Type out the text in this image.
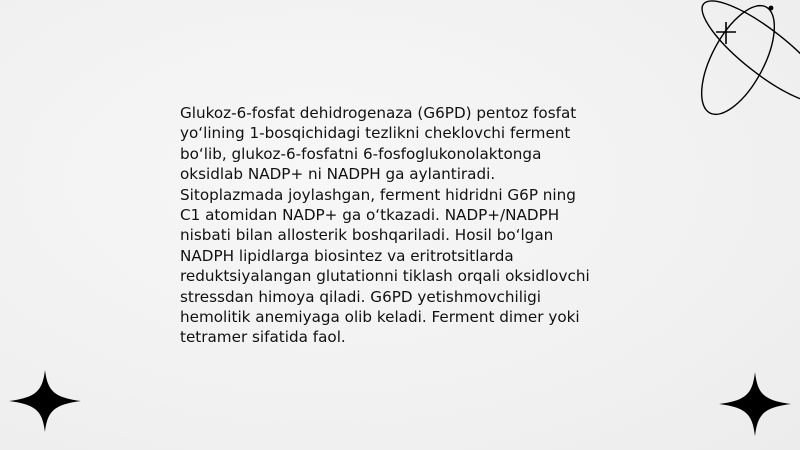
Glukoz-6-fosfat dehidrogenaza (G6PD) pentoz fosfat
yo‘lining 1-bosqichidagi tezlikni cheklovchi ferment
bo‘lib, glukoz-6-fosfatni 6-fosfoglukonolaktonga
oksidlab NADP+ ni NADPH ga aylantiradi.
Sitoplazmada joylashgan, ferment hidridni G6P ning
C1 atomidan NADP+ ga o‘tkazadi. NADP+/NADPH
nisbati bilan allosterik boshqariladi. Hosil bo‘lgan
NADPH lipidlarga biosintez va eritrotsitlarda
reduktsiyalangan glutationni tiklash orqali oksidlovchi
stressdan himoya qiladi. G6PD yetishmovchiligi
hemolitik anemiyaga olib keladi. Ferment dimer yoki
tetramer sifatida faol.
